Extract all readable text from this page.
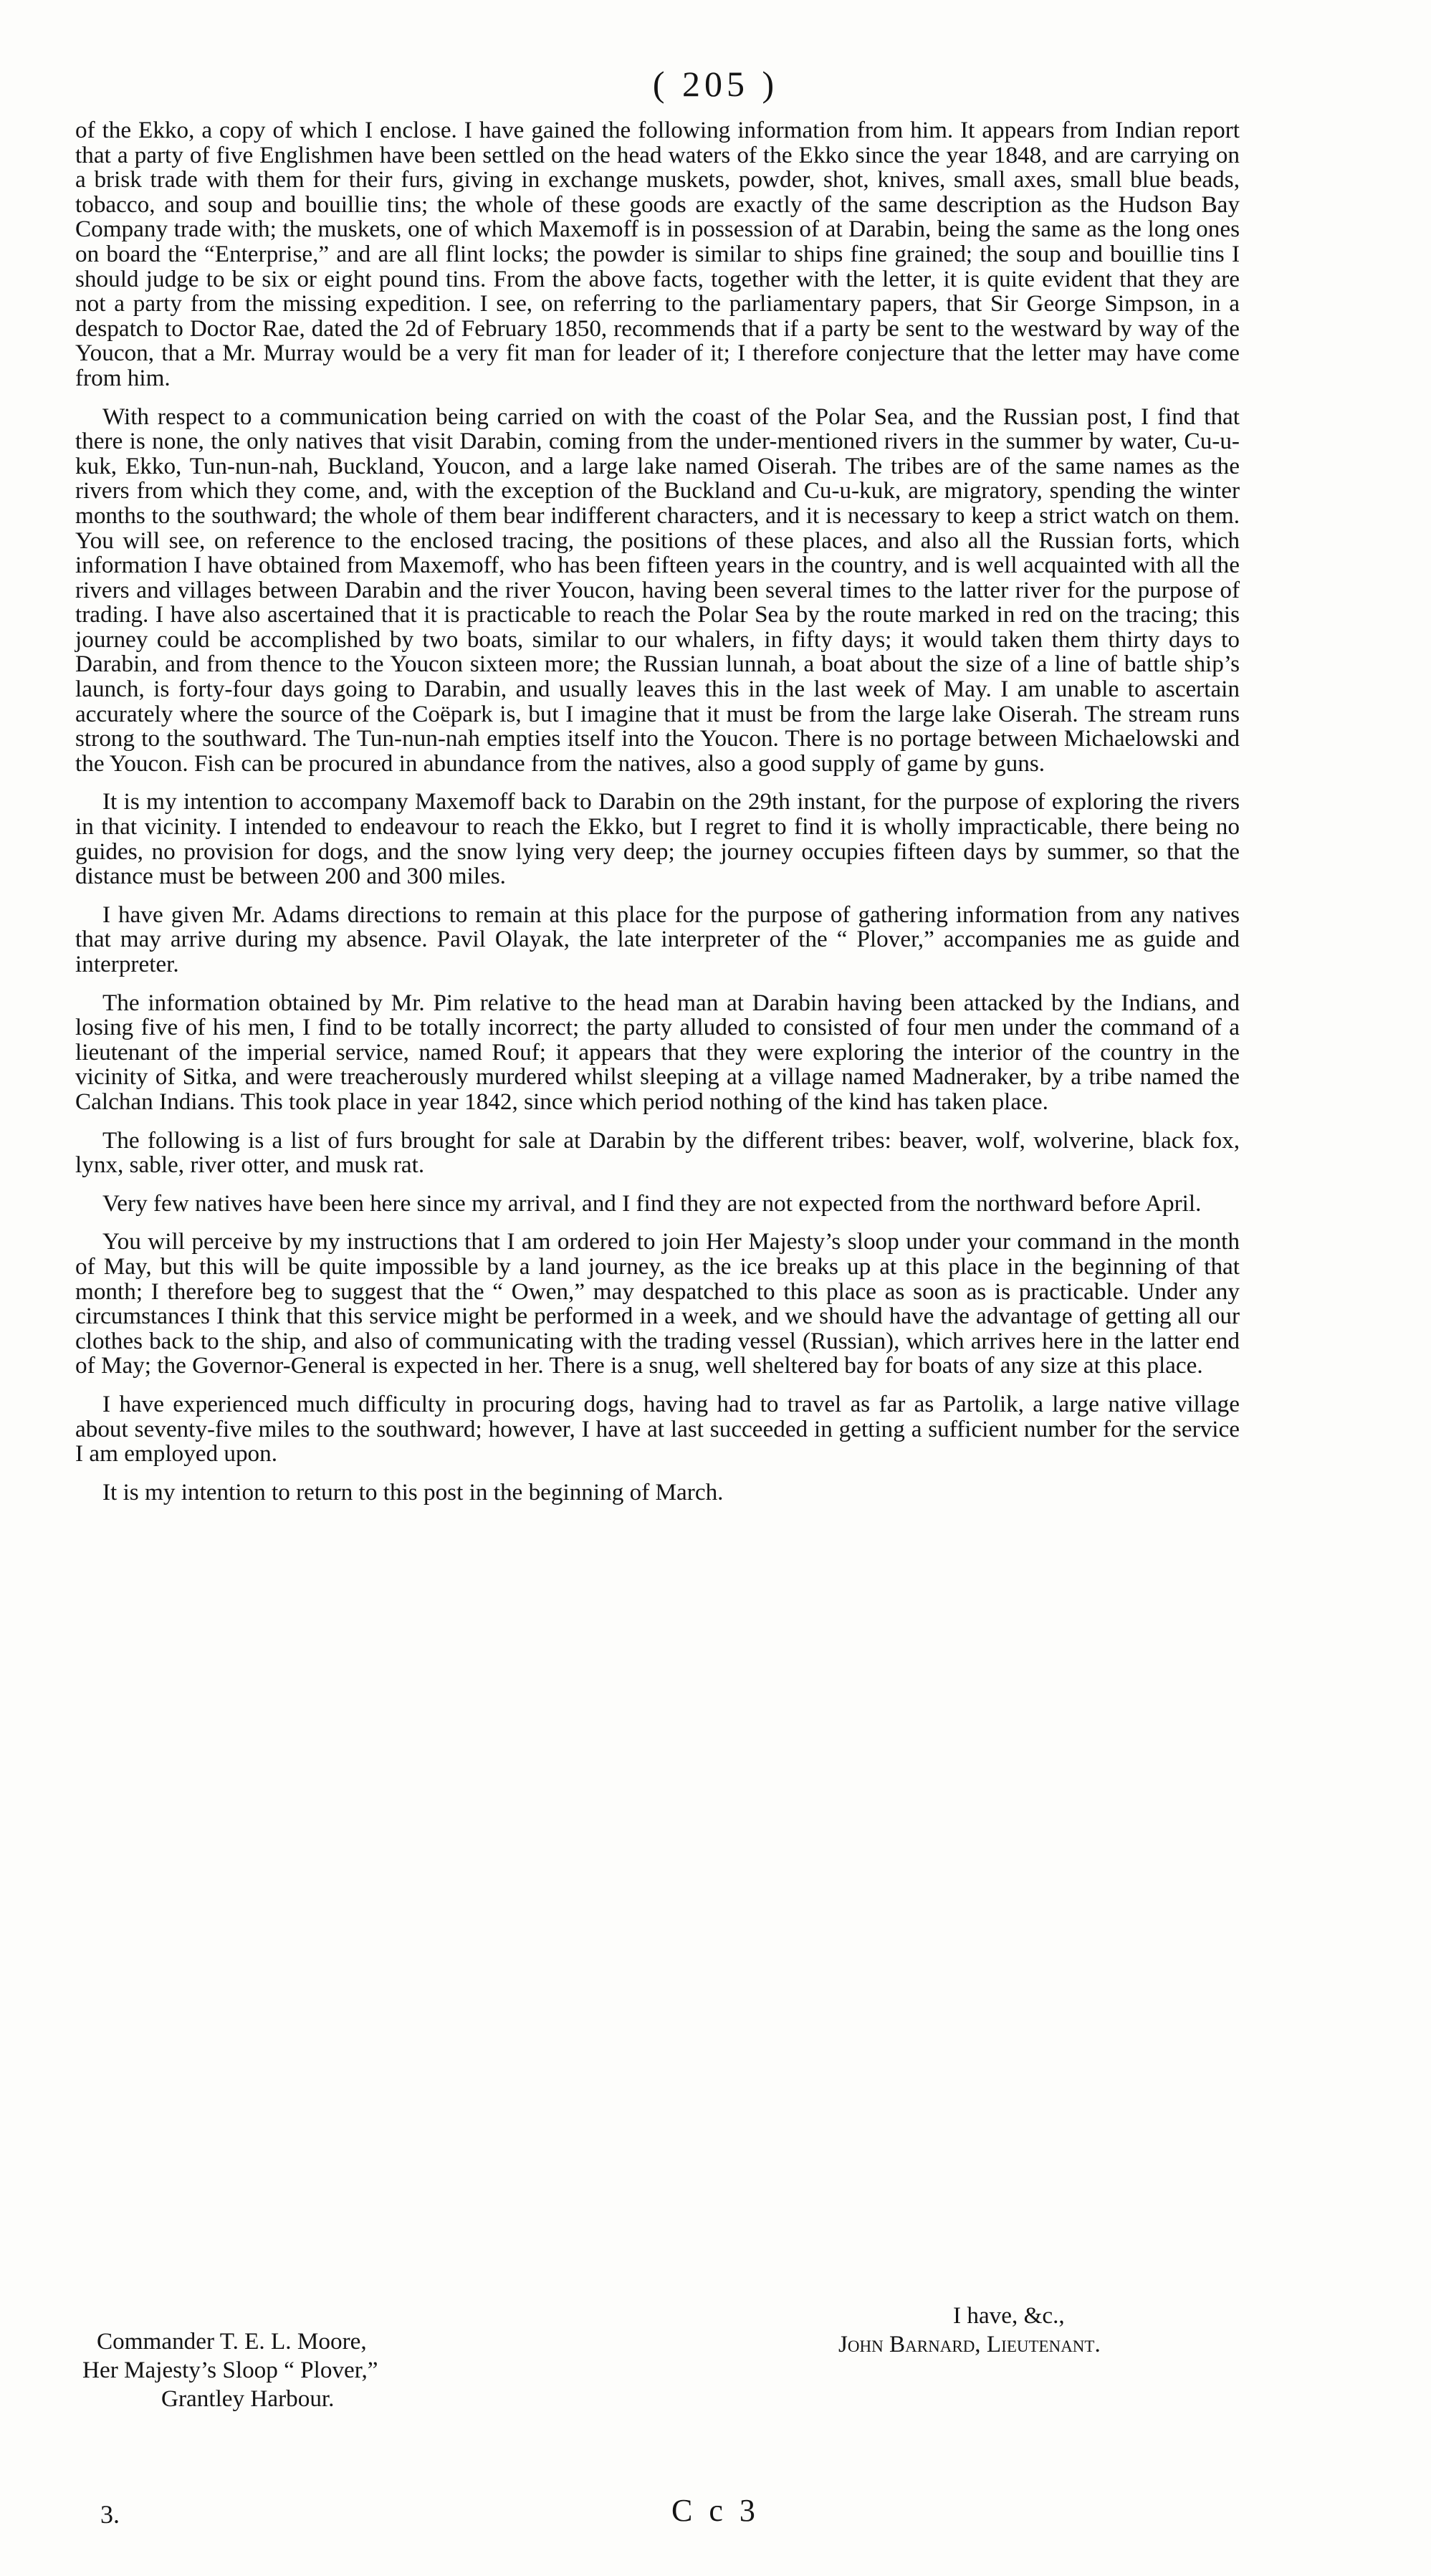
( 205 )

of the Ekko, a copy of which I enclose. I have gained the following information from him. It appears from Indian report that a party of five Englishmen have been settled on the head waters of the Ekko since the year 1848, and are carrying on a brisk trade with them for their furs, giving in exchange muskets, powder, shot, knives, small axes, small blue beads, tobacco, and soup and bouillie tins; the whole of these goods are exactly of the same description as the Hudson Bay Company trade with; the muskets, one of which Maxemoff is in possession of at Darabin, being the same as the long ones on board the “Enterprise,” and are all flint locks; the powder is similar to ships fine grained; the soup and bouillie tins I should judge to be six or eight pound tins. From the above facts, together with the letter, it is quite evident that they are not a party from the missing expedition. I see, on referring to the parliamentary papers, that Sir George Simpson, in a despatch to Doctor Rae, dated the 2d of February 1850, recommends that if a party be sent to the westward by way of the Youcon, that a Mr. Murray would be a very fit man for leader of it; I therefore conjecture that the letter may have come from him.

With respect to a communication being carried on with the coast of the Polar Sea, and the Russian post, I find that there is none, the only natives that visit Darabin, coming from the under-mentioned rivers in the summer by water, Cu-u-kuk, Ekko, Tun-nun-nah, Buckland, Youcon, and a large lake named Oiserah. The tribes are of the same names as the rivers from which they come, and, with the exception of the Buckland and Cu-u-kuk, are migratory, spending the winter months to the southward; the whole of them bear indifferent characters, and it is necessary to keep a strict watch on them. You will see, on reference to the enclosed tracing, the positions of these places, and also all the Russian forts, which information I have obtained from Maxemoff, who has been fifteen years in the country, and is well acquainted with all the rivers and villages between Darabin and the river Youcon, having been several times to the latter river for the purpose of trading. I have also ascertained that it is practicable to reach the Polar Sea by the route marked in red on the tracing; this journey could be accomplished by two boats, similar to our whalers, in fifty days; it would taken them thirty days to Darabin, and from thence to the Youcon sixteen more; the Russian lunnah, a boat about the size of a line of battle ship’s launch, is forty-four days going to Darabin, and usually leaves this in the last week of May. I am unable to ascertain accurately where the source of the Coëpark is, but I imagine that it must be from the large lake Oiserah. The stream runs strong to the southward. The Tun-nun-nah empties itself into the Youcon. There is no portage between Michaelowski and the Youcon. Fish can be procured in abundance from the natives, also a good supply of game by guns.

It is my intention to accompany Maxemoff back to Darabin on the 29th instant, for the purpose of exploring the rivers in that vicinity. I intended to endeavour to reach the Ekko, but I regret to find it is wholly impracticable, there being no guides, no provision for dogs, and the snow lying very deep; the journey occupies fifteen days by summer, so that the distance must be between 200 and 300 miles.

I have given Mr. Adams directions to remain at this place for the purpose of gathering information from any natives that may arrive during my absence. Pavil Olayak, the late interpreter of the “ Plover,” accompanies me as guide and interpreter.

The information obtained by Mr. Pim relative to the head man at Darabin having been attacked by the Indians, and losing five of his men, I find to be totally incorrect; the party alluded to consisted of four men under the command of a lieutenant of the imperial service, named Rouf; it appears that they were exploring the interior of the country in the vicinity of Sitka, and were treacherously murdered whilst sleeping at a village named Madneraker, by a tribe named the Calchan Indians. This took place in year 1842, since which period nothing of the kind has taken place.

The following is a list of furs brought for sale at Darabin by the different tribes: beaver, wolf, wolverine, black fox, lynx, sable, river otter, and musk rat.

Very few natives have been here since my arrival, and I find they are not expected from the northward before April.

You will perceive by my instructions that I am ordered to join Her Majesty’s sloop under your command in the month of May, but this will be quite impossible by a land journey, as the ice breaks up at this place in the beginning of that month; I therefore beg to suggest that the “ Owen,” may despatched to this place as soon as is practicable. Under any circumstances I think that this service might be performed in a week, and we should have the advantage of getting all our clothes back to the ship, and also of communicating with the trading vessel (Russian), which arrives here in the latter end of May; the Governor-General is expected in her. There is a snug, well sheltered bay for boats of any size at this place.

I have experienced much difficulty in procuring dogs, having had to travel as far as Partolik, a large native village about seventy-five miles to the southward; however, I have at last succeeded in getting a sufficient number for the service I am employed upon.

It is my intention to return to this post in the beginning of March.

I have, &c.,
John Barnard, Lieutenant.
Commander T. E. L. Moore,
Her Majesty’s Sloop “ Plover,”
Grantley Harbour.
3.	C c 3
